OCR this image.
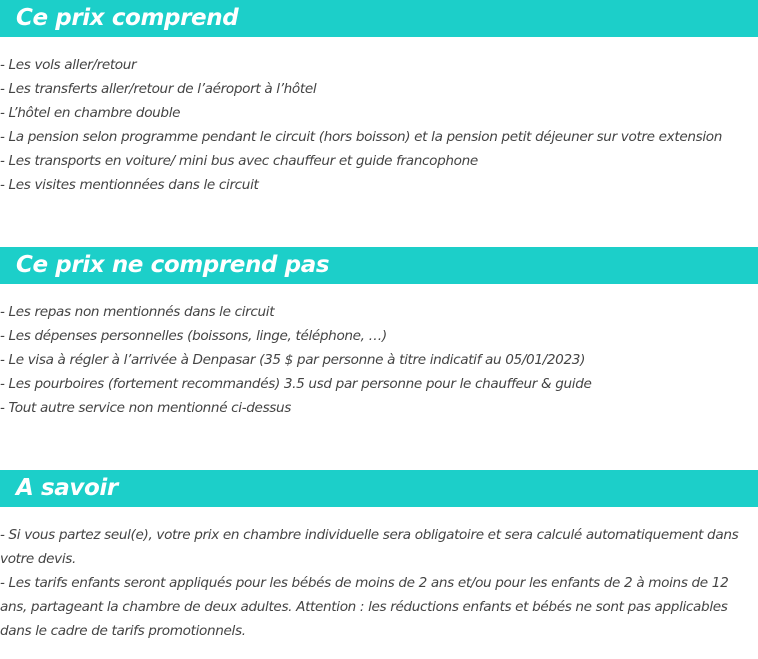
Ce prix comprend
- Les vols aller/retour
- Les transferts aller/retour de l’aéroport à l’hôtel
- L’hôtel en chambre double
- La pension selon programme pendant le circuit (hors boisson) et la pension petit déjeuner sur votre extension
- Les transports en voiture/ mini bus avec chauffeur et guide francophone
- Les visites mentionnées dans le circuit
Ce prix ne comprend pas
- Les repas non mentionnés dans le circuit
- Les dépenses personnelles (boissons, linge, téléphone, …)
- Le visa à régler à l’arrivée à Denpasar (35 $ par personne à titre indicatif au 05/01/2023)
- Les pourboires (fortement recommandés) 3.5 usd par personne pour le chauffeur & guide
- Tout autre service non mentionné ci-dessus
A savoir
- Si vous partez seul(e), votre prix en chambre individuelle sera obligatoire et sera calculé automatiquement dans votre devis.
- Les tarifs enfants seront appliqués pour les bébés de moins de 2 ans et/ou pour les enfants de 2 à moins de 12 ans, partageant la chambre de deux adultes. Attention : les réductions enfants et bébés ne sont pas applicables dans le cadre de tarifs promotionnels.
